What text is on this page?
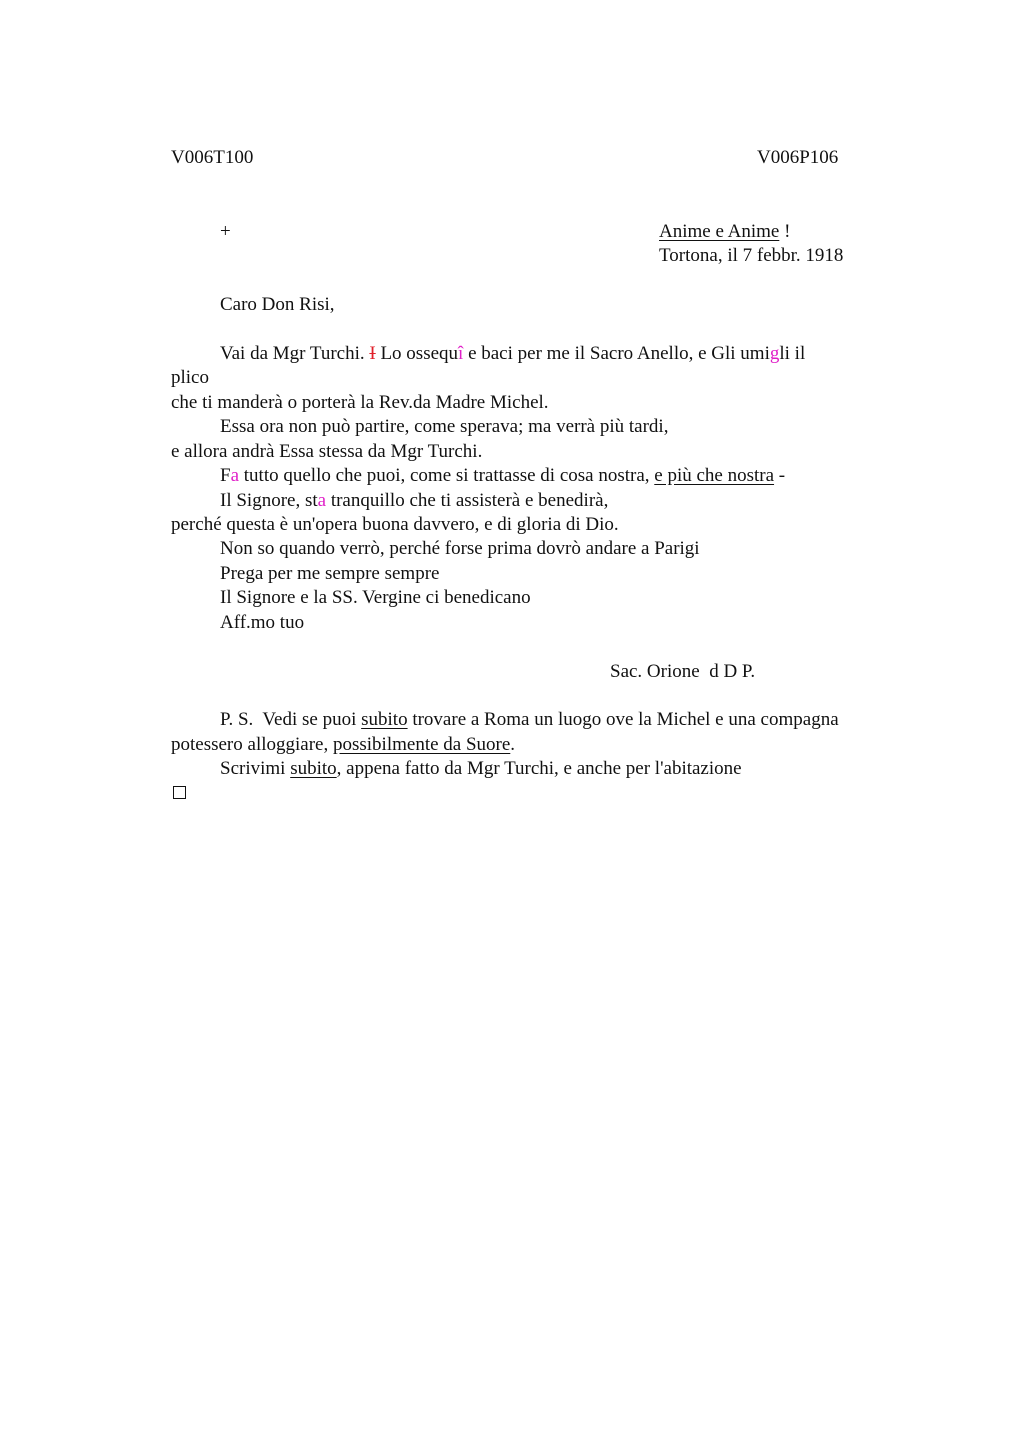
V006T100	V006P106
+	Anime e Anime !
Tortona, il 7 febbr. 1918
Caro Don Risi,
Vai da Mgr Turchi. I Lo ossequî e baci per me il Sacro Anello, e Gli umigli il
plico
che ti manderà o porterà la Rev.da Madre Michel.
Essa ora non può partire, come sperava; ma verrà più tardi,
e allora andrà Essa stessa da Mgr Turchi.
Fa tutto quello che puoi, come si trattasse di cosa nostra, e più che nostra -
Il Signore, sta tranquillo che ti assisterà e benedirà,
perché questa è un'opera buona davvero, e di gloria di Dio.
Non so quando verrò, perché forse prima dovrò andare a Parigi
Prega per me sempre sempre
Il Signore e la SS. Vergine ci benedicano
Aff.mo tuo
Sac. Orione  d D P.
P. S.  Vedi se puoi subito trovare a Roma un luogo ove la Michel e una compagna
potessero alloggiare, possibilmente da Suore.
Scrivimi subito, appena fatto da Mgr Turchi, e anche per l'abitazione
